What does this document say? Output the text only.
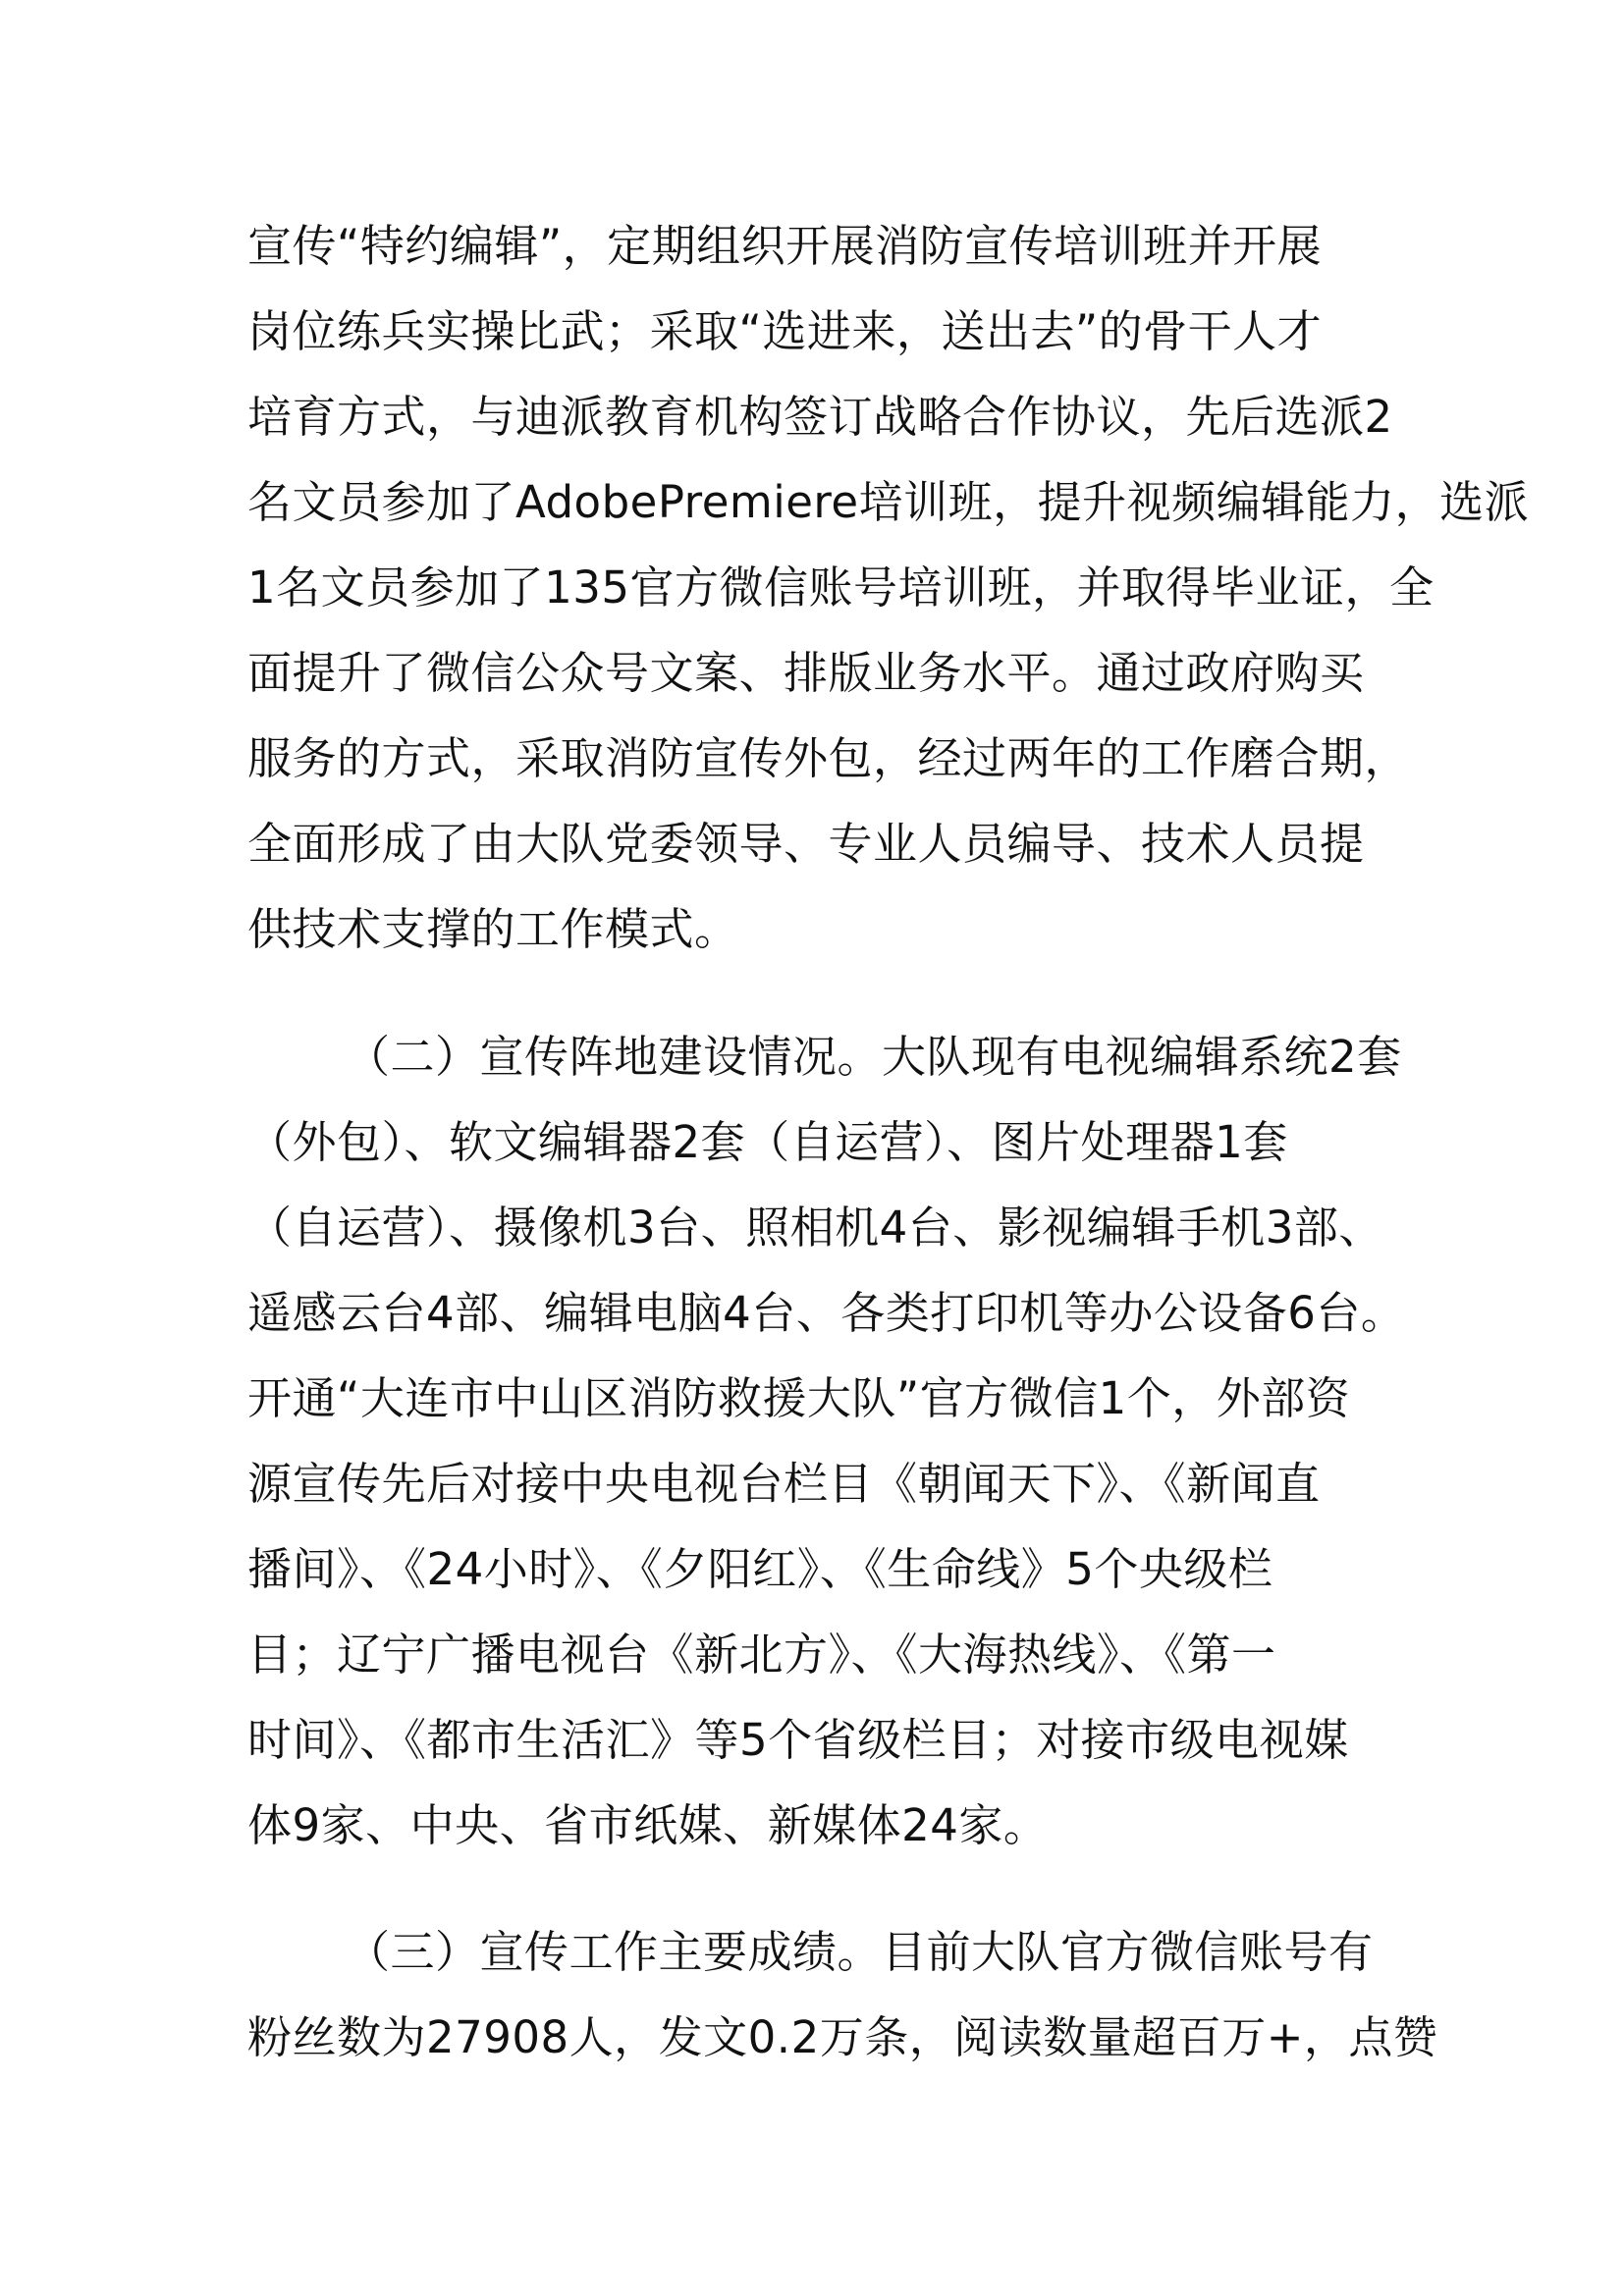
宣传“特约编辑”，定期组织开展消防宣传培训班并开展
岗位练兵实操比武；采取“选进来，送出去”的骨干人才
培育方式，与迪派教育机构签订战略合作协议，先后选派2
名文员参加了AdobePremiere培训班，提升视频编辑能力，选派
1名文员参加了135官方微信账号培训班，并取得毕业证，全
面提升了微信公众号文案、排版业务水平。通过政府购买
服务的方式，采取消防宣传外包，经过两年的工作磨合期，
全面形成了由大队党委领导、专业人员编导、技术人员提
供技术支撑的工作模式。
（二）宣传阵地建设情况。大队现有电视编辑系统2套
（外包）、软文编辑器2套（自运营）、图片处理器1套
（自运营）、摄像机3台、照相机4台、影视编辑手机3部、
遥感云台4部、编辑电脑4台、各类打印机等办公设备6台。
开通“大连市中山区消防救援大队”官方微信1个，外部资
源宣传先后对接中央电视台栏目《朝闻天下》、《新闻直
播间》、《24小时》、《夕阳红》、《生命线》5个央级栏
目；辽宁广播电视台《新北方》、《大海热线》、《第一
时间》、《都市生活汇》等5个省级栏目；对接市级电视媒
体9家、中央、省市纸媒、新媒体24家。
（三）宣传工作主要成绩。目前大队官方微信账号有
粉丝数为27908人，发文0.2万条，阅读数量超百万+，点赞
